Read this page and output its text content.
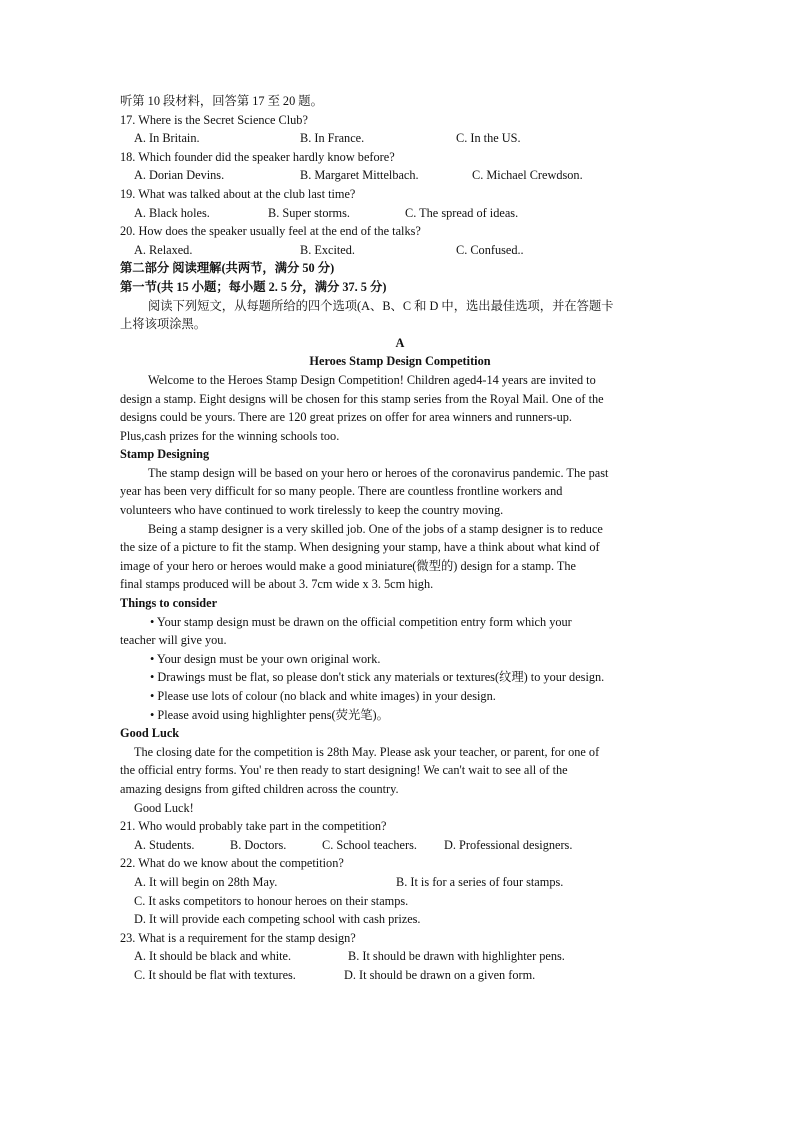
听第 10 段材料，回答第 17 至 20 题。
17. Where is the Secret Science Club?
A. In Britain.	B. In France.	C. In the US.
18. Which founder did the speaker hardly know before?
A. Dorian Devins.	B. Margaret Mittelbach.	C. Michael Crewdson.
19. What was talked about at the club last time?
A. Black holes.	B. Super storms.	C. The spread of ideas.
20. How does the speaker usually feel at the end of the talks?
A. Relaxed.	B. Excited.	C. Confused..
第二部分 阅读理解(共两节，满分 50 分)
第一节(共 15 小题；每小题 2. 5 分，满分 37. 5 分)
阅读下列短文，从每题所给的四个选项(A、B、C 和 D 中，选出最佳选项，并在答题卡
上将该项涂黑。
A
Heroes Stamp Design Competition
Welcome to the Heroes Stamp Design Competition! Children aged4-14 years are invited to
design a stamp. Eight designs will be chosen for this stamp series from the Royal Mail. One of the
designs could be yours. There are 120 great prizes on offer for area winners and runners-up.
Plus,cash prizes for the winning schools too.
Stamp Designing
The stamp design will be based on your hero or heroes of the coronavirus pandemic. The past
year has been very difficult for so many people. There are countless frontline workers and
volunteers who have continued to work tirelessly to keep the country moving.
Being a stamp designer is a very skilled job. One of the jobs of a stamp designer is to reduce
the size of a picture to fit the stamp. When designing your stamp, have a think about what kind of
image of your hero or heroes would make a good miniature(微型的) design for a stamp. The
final stamps produced will be about 3. 7cm wide x 3. 5cm high.
Things to consider
• Your stamp design must be drawn on the official competition entry form which your
teacher will give you.
• Your design must be your own original work.
• Drawings must be flat, so please don't stick any materials or textures(纹理) to your design.
• Please use lots of colour (no black and white images) in your design.
• Please avoid using highlighter pens(荧光笔)。
Good Luck
The closing date for the competition is 28th May. Please ask your teacher, or parent, for one of
the official entry forms. You' re then ready to start designing! We can't wait to see all of the
amazing designs from gifted children across the country.
Good Luck!
21. Who would probably take part in the competition?
A. Students.	B. Doctors.	C. School teachers. D. Professional designers.
22. What do we know about the competition?
A. It will begin on 28th May.	B. It is for a series of four stamps.
C. It asks competitors to honour heroes on their stamps.
D. It will provide each competing school with cash prizes.
23. What is a requirement for the stamp design?
A. It should be black and white.	B. It should be drawn with highlighter pens.
C. It should be flat with textures.	D. It should be drawn on a given form.
